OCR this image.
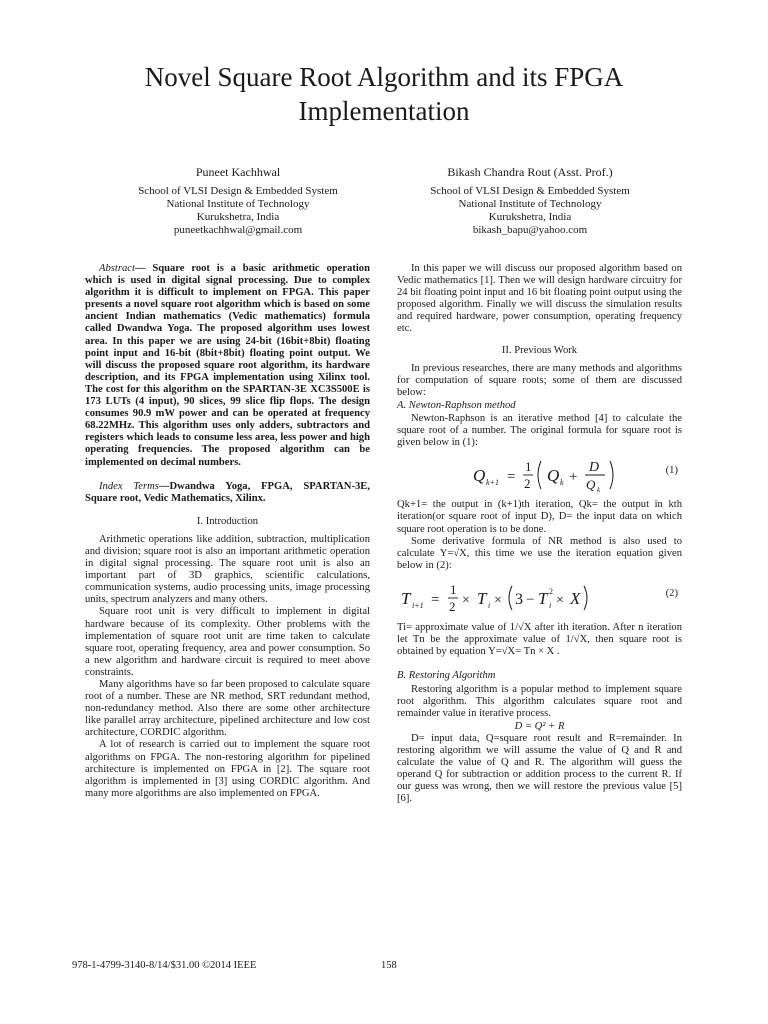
Novel Square Root Algorithm and its FPGA Implementation
Puneet Kachhwal
School of VLSI Design & Embedded System
National Institute of Technology
Kurukshetra, India
puneetkachhwal@gmail.com
Bikash Chandra Rout (Asst. Prof.)
School of VLSI Design & Embedded System
National Institute of Technology
Kurukshetra, India
bikash_bapu@yahoo.com

Abstract— Square root is a basic arithmetic operation which is used in digital signal processing. Due to complex algorithm it is difficult to implement on FPGA. This paper presents a novel square root algorithm which is based on some ancient Indian mathematics (Vedic mathematics) formula called Dwandwa Yoga. The proposed algorithm uses lowest area. In this paper we are using 24-bit (16bit+8bit) floating point input and 16-bit (8bit+8bit) floating point output. We will discuss the proposed square root algorithm, its hardware description, and its FPGA implementation using Xilinx tool. The cost for this algorithm on the SPARTAN-3E XC3S500E is 173 LUTs (4 input), 90 slices, 99 slice flip flops. The design consumes 90.9 mW power and can be operated at frequency 68.22MHz. This algorithm uses only adders, subtractors and registers which leads to consume less area, less power and high operating frequencies. The proposed algorithm can be implemented on decimal numbers.

Index Terms—Dwandwa Yoga, FPGA, SPARTAN-3E, Square root, Vedic Mathematics, Xilinx.

I. Introduction

Arithmetic operations like addition, subtraction, multiplication and division; square root is also an important arithmetic operation in digital signal processing. The square root unit is also an important part of 3D graphics, scientific calculations, communication systems, audio processing units, image processing units, spectrum analyzers and many others.

Square root unit is very difficult to implement in digital hardware because of its complexity. Other problems with the implementation of square root unit are time taken to calculate square root, operating frequency, area and power consumption. So a new algorithm and hardware circuit is required to meet above constraints.

Many algorithms have so far been proposed to calculate square root of a number. These are NR method, SRT redundant method, non-redundancy method. Also there are some other architecture like parallel array architecture, pipelined architecture and low cost architecture, CORDIC algorithm.

A lot of research is carried out to implement the square root algorithms on FPGA. The non-restoring algorithm for pipelined architecture is implemented on FPGA in [2]. The square root algorithm is implemented in [3] using CORDIC algorithm. And many more algorithms are also implemented on FPGA.

In this paper we will discuss our proposed algorithm based on Vedic mathematics [1]. Then we will design hardware circuitry for 24 bit floating point input and 16 bit floating point output using the proposed algorithm. Finally we will discuss the simulation results and required hardware, power consumption, operating frequency etc.

II. Previous Work

In previous researches, there are many methods and algorithms for computation of square roots; some of them are discussed below:

A. Newton-Raphson method

Newton-Raphson is an iterative method [4] to calculate the square root of a number. The original formula for square root is given below in (1):

Q k+1 =
1
2 Q k +
D
Q k
(1)

Qk+1= the output in (k+1)th iteration, Qk= the output in kth iteration(or square root of input D), D= the input data on which square root operation is to be done.

Some derivative formula of NR method is also used to calculate Y=√X, this time we use the iteration equation given below in (2):

T i+1 =
1
2 × T i × 3 − T 2
i × X	(2)

Ti= approximate value of 1/√X after ith iteration. After n iteration let Tn be the approximate value of 1/√X, then square root is obtained by equation Y=√X= Tn × X .

B. Restoring Algorithm

Restoring algorithm is a popular method to implement square root algorithm. This algorithm calculates square root and remainder value in iterative process.

D = Q² + R

D= input data, Q=square root result and R=remainder. In restoring algorithm we will assume the value of Q and R and calculate the value of Q and R. The algorithm will guess the operand Q for subtraction or addition process to the current R. If our guess was wrong, then we will restore the previous value [5][6].

978-1-4799-3140-8/14/$31.00 ©2014 IEEE	158
